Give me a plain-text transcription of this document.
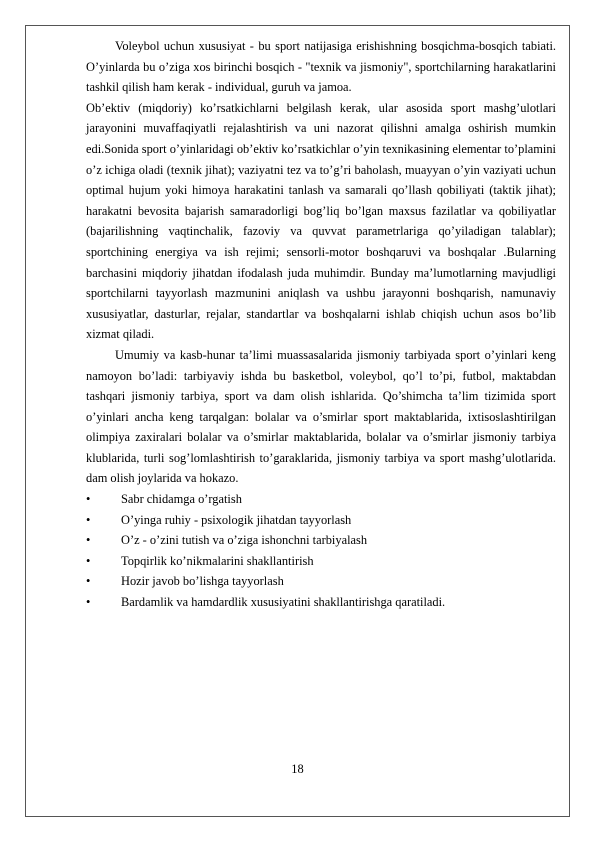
Voleybol uchun xususiyat - bu sport natijasiga erishishning bosqichma-bosqich tabiati. O’yinlarda bu o’ziga xos birinchi bosqich - "texnik va jismoniy", sportchilarning harakatlarini tashkil qilish ham kerak - individual, guruh va jamoa.

Ob’ektiv (miqdoriy) ko’rsatkichlarni belgilash kerak, ular asosida sport mashg’ulotlari jarayonini muvaffaqiyatli rejalashtirish va uni nazorat qilishni amalga oshirish mumkin edi.Sonida sport o’yinlaridagi ob’ektiv ko’rsatkichlar o’yin texnikasining elementar to’plamini o’z ichiga oladi (texnik jihat); vaziyatni tez va to’g’ri baholash, muayyan o’yin vaziyati uchun optimal hujum yoki himoya harakatini tanlash va samarali qo’llash qobiliyati (taktik jihat); harakatni bevosita bajarish samaradorligi bog’liq bo’lgan maxsus fazilatlar va qobiliyatlar (bajarilishning vaqtinchalik, fazoviy va quvvat parametrlariga qo’yiladigan talablar); sportchining energiya va ish rejimi; sensorli-motor boshqaruvi va boshqalar .Bularning barchasini miqdoriy jihatdan ifodalash juda muhimdir. Bunday ma’lumotlarning mavjudligi sportchilarni tayyorlash mazmunini aniqlash va ushbu jarayonni boshqarish, namunaviy xususiyatlar, dasturlar, rejalar, standartlar va boshqalarni ishlab chiqish uchun asos bo’lib xizmat qiladi.

Umumiy va kasb-hunar ta’limi muassasalarida jismoniy tarbiyada sport o’yinlari keng namoyon bo’ladi: tarbiyaviy ishda bu basketbol, voleybol, qo’l to’pi, futbol, maktabdan tashqari jismoniy tarbiya, sport va dam olish ishlarida. Qo’shimcha ta’lim tizimida sport o’yinlari ancha keng tarqalgan: bolalar va o’smirlar sport maktablarida, ixtisoslashtirilgan olimpiya zaxiralari bolalar va o’smirlar maktablarida, bolalar va o’smirlar jismoniy tarbiya klublarida, turli sog’lomlashtirish to’garaklarida, jismoniy tarbiya va sport mashg’ulotlarida. dam olish joylarida va hokazo.

• Sabr chidamga o’rgatish
• O’yinga ruhiy - psixologik jihatdan tayyorlash
• O’z - o’zini tutish va o’ziga ishonchni tarbiyalash
• Topqirlik ko’nikmalarini shakllantirish
• Hozir javob bo’lishga tayyorlash
• Bardamlik va hamdardlik xususiyatini shakllantirishga qaratiladi.
18
